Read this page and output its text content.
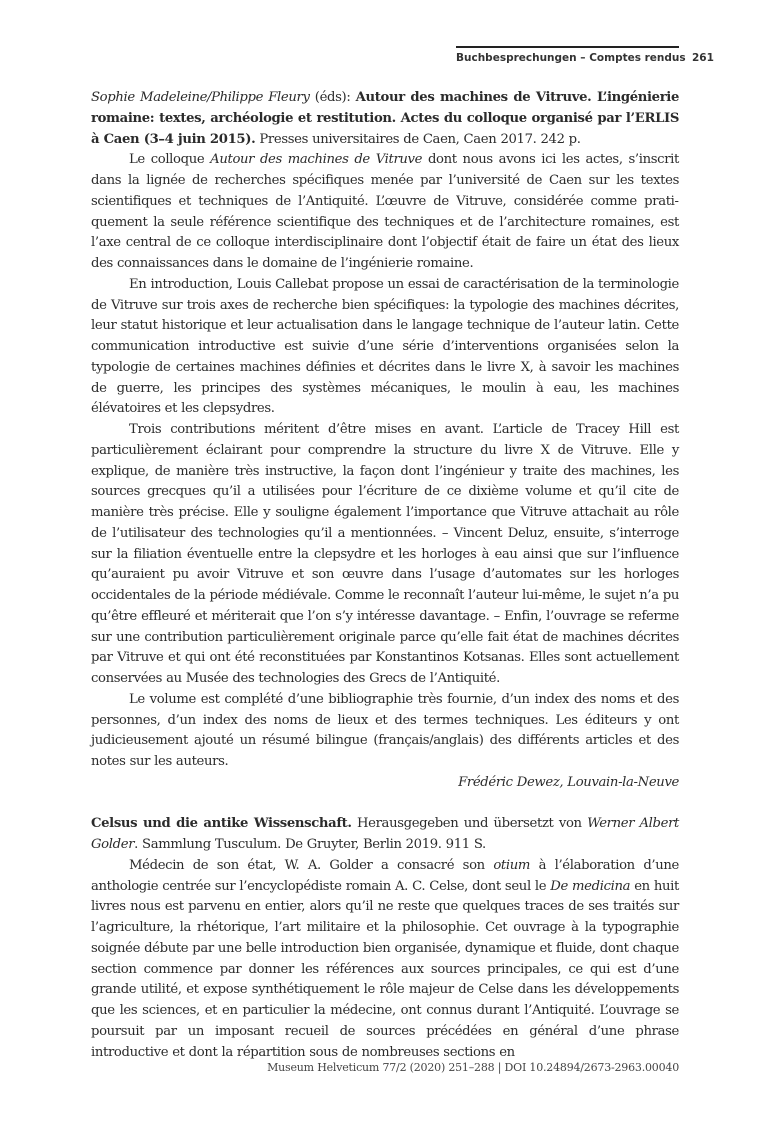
Buchbesprechungen – Comptes rendus 261

Sophie Madeleine/Philippe Fleury (éds): Autour des machines de Vitruve. L’ingénierie romaine: textes, archéologie et restitution. Actes du colloque organisé par l’ERLIS à Caen (3–4 juin 2015). Presses universitaires de Caen, Caen 2017. 242 p.

Le colloque Autour des machines de Vitruve dont nous avons ici les actes, s’inscrit dans la lignée de recherches spécifiques menée par l’université de Caen sur les textes scientifiques et techniques de l’Antiquité. L’œuvre de Vitruve, considérée comme pratiquement la seule référence scientifique des techniques et de l’architecture romaines, est l’axe central de ce colloque interdisciplinaire dont l’objectif était de faire un état des lieux des connaissances dans le domaine de l’ingénierie romaine.

En introduction, Louis Callebat propose un essai de caractérisation de la terminologie de Vitruve sur trois axes de recherche bien spécifiques: la typologie des machines décrites, leur statut historique et leur actualisation dans le langage technique de l’auteur latin. Cette communication introductive est suivie d’une série d’interventions organisées selon la typologie de certaines machines définies et décrites dans le livre X, à savoir les machines de guerre, les principes des systèmes mécaniques, le moulin à eau, les machines élévatoires et les clepsydres.

Trois contributions méritent d’être mises en avant. L’article de Tracey Hill est particulièrement éclairant pour comprendre la structure du livre X de Vitruve. Elle y explique, de manière très instructive, la façon dont l’ingénieur y traite des machines, les sources grecques qu’il a utilisées pour l’écriture de ce dixième volume et qu’il cite de manière très précise. Elle y souligne également l’importance que Vitruve attachait au rôle de l’utilisateur des technologies qu’il a mentionnées. – Vincent Deluz, ensuite, s’interroge sur la filiation éventuelle entre la clepsydre et les horloges à eau ainsi que sur l’influence qu’auraient pu avoir Vitruve et son œuvre dans l’usage d’automates sur les horloges occidentales de la période médiévale. Comme le reconnaît l’auteur lui-même, le sujet n’a pu qu’être effleuré et mériterait que l’on s’y intéresse davantage. – Enfin, l’ouvrage se referme sur une contribution particulièrement originale parce qu’elle fait état de machines décrites par Vitruve et qui ont été reconstituées par Konstantinos Kotsanas. Elles sont actuellement conservées au Musée des technologies des Grecs de l’Antiquité.

Le volume est complété d’une bibliographie très fournie, d’un index des noms et des personnes, d’un index des noms de lieux et des termes techniques. Les éditeurs y ont judicieusement ajouté un résumé bilingue (français/anglais) des différents articles et des notes sur les auteurs.

Frédéric Dewez, Louvain-la-Neuve

Celsus und die antike Wissenschaft. Herausgegeben und übersetzt von Werner Albert Golder. Sammlung Tusculum. De Gruyter, Berlin 2019. 911 S.

Médecin de son état, W. A. Golder a consacré son otium à l’élaboration d’une anthologie centrée sur l’encyclopédiste romain A. C. Celse, dont seul le De medicina en huit livres nous est parvenu en entier, alors qu’il ne reste que quelques traces de ses traités sur l’agriculture, la rhétorique, l’art militaire et la philosophie. Cet ouvrage à la typographie soignée débute par une belle introduction bien organisée, dynamique et fluide, dont chaque section commence par donner les références aux sources principales, ce qui est d’une grande utilité, et expose synthétiquement le rôle majeur de Celse dans les développements que les sciences, et en particulier la médecine, ont connus durant l’Antiquité. L’ouvrage se poursuit par un imposant recueil de sources précédées en général d’une phrase introductive et dont la répartition sous de nombreuses sections en

Museum Helveticum 77/2 (2020) 251–288 | DOI 10.24894/2673-2963.00040
